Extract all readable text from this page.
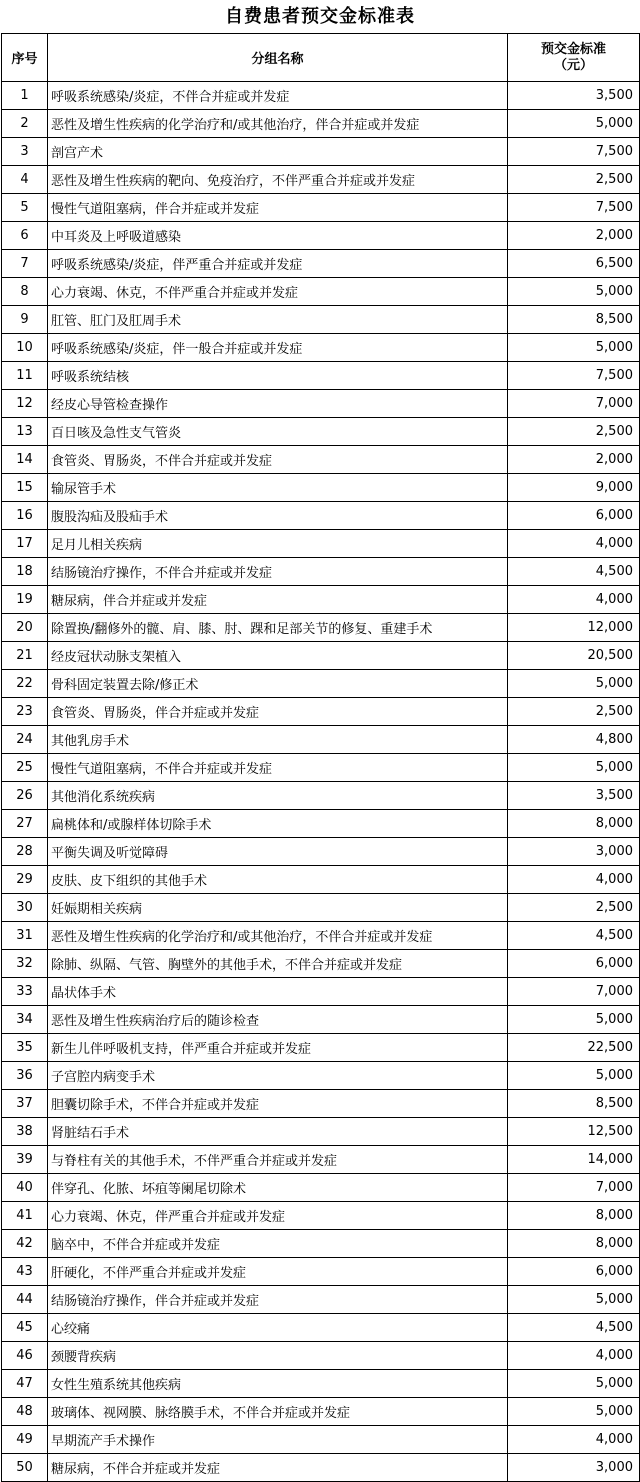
自费患者预交金标准表
序号	分组名称	预交金标准
（元）
1	呼吸系统感染/炎症，不伴合并症或并发症	3,500
2	恶性及增生性疾病的化学治疗和/或其他治疗，伴合并症或并发症	5,000
3	剖宫产术	7,500
4	恶性及增生性疾病的靶向、免疫治疗，不伴严重合并症或并发症	2,500
5	慢性气道阻塞病，伴合并症或并发症	7,500
6	中耳炎及上呼吸道感染	2,000
7	呼吸系统感染/炎症，伴严重合并症或并发症	6,500
8	心力衰竭、休克，不伴严重合并症或并发症	5,000
9	肛管、肛门及肛周手术	8,500
10	呼吸系统感染/炎症，伴一般合并症或并发症	5,000
11	呼吸系统结核	7,500
12	经皮心导管检查操作	7,000
13	百日咳及急性支气管炎	2,500
14	食管炎、胃肠炎，不伴合并症或并发症	2,000
15	输尿管手术	9,000
16	腹股沟疝及股疝手术	6,000
17	足月儿相关疾病	4,000
18	结肠镜治疗操作，不伴合并症或并发症	4,500
19	糖尿病，伴合并症或并发症	4,000
20	除置换/翻修外的髋、肩、膝、肘、踝和足部关节的修复、重建手术	12,000
21	经皮冠状动脉支架植入	20,500
22	骨科固定装置去除/修正术	5,000
23	食管炎、胃肠炎，伴合并症或并发症	2,500
24	其他乳房手术	4,800
25	慢性气道阻塞病，不伴合并症或并发症	5,000
26	其他消化系统疾病	3,500
27	扁桃体和/或腺样体切除手术	8,000
28	平衡失调及听觉障碍	3,000
29	皮肤、皮下组织的其他手术	4,000
30	妊娠期相关疾病	2,500
31	恶性及增生性疾病的化学治疗和/或其他治疗，不伴合并症或并发症	4,500
32	除肺、纵隔、气管、胸壁外的其他手术，不伴合并症或并发症	6,000
33	晶状体手术	7,000
34	恶性及增生性疾病治疗后的随诊检查	5,000
35	新生儿伴呼吸机支持，伴严重合并症或并发症	22,500
36	子宫腔内病变手术	5,000
37	胆囊切除手术，不伴合并症或并发症	8,500
38	肾脏结石手术	12,500
39	与脊柱有关的其他手术，不伴严重合并症或并发症	14,000
40	伴穿孔、化脓、坏疽等阑尾切除术	7,000
41	心力衰竭、休克，伴严重合并症或并发症	8,000
42	脑卒中，不伴合并症或并发症	8,000
43	肝硬化，不伴严重合并症或并发症	6,000
44	结肠镜治疗操作，伴合并症或并发症	5,000
45	心绞痛	4,500
46	颈腰背疾病	4,000
47	女性生殖系统其他疾病	5,000
48	玻璃体、视网膜、脉络膜手术，不伴合并症或并发症	5,000
49	早期流产手术操作	4,000
50	糖尿病，不伴合并症或并发症	3,000
